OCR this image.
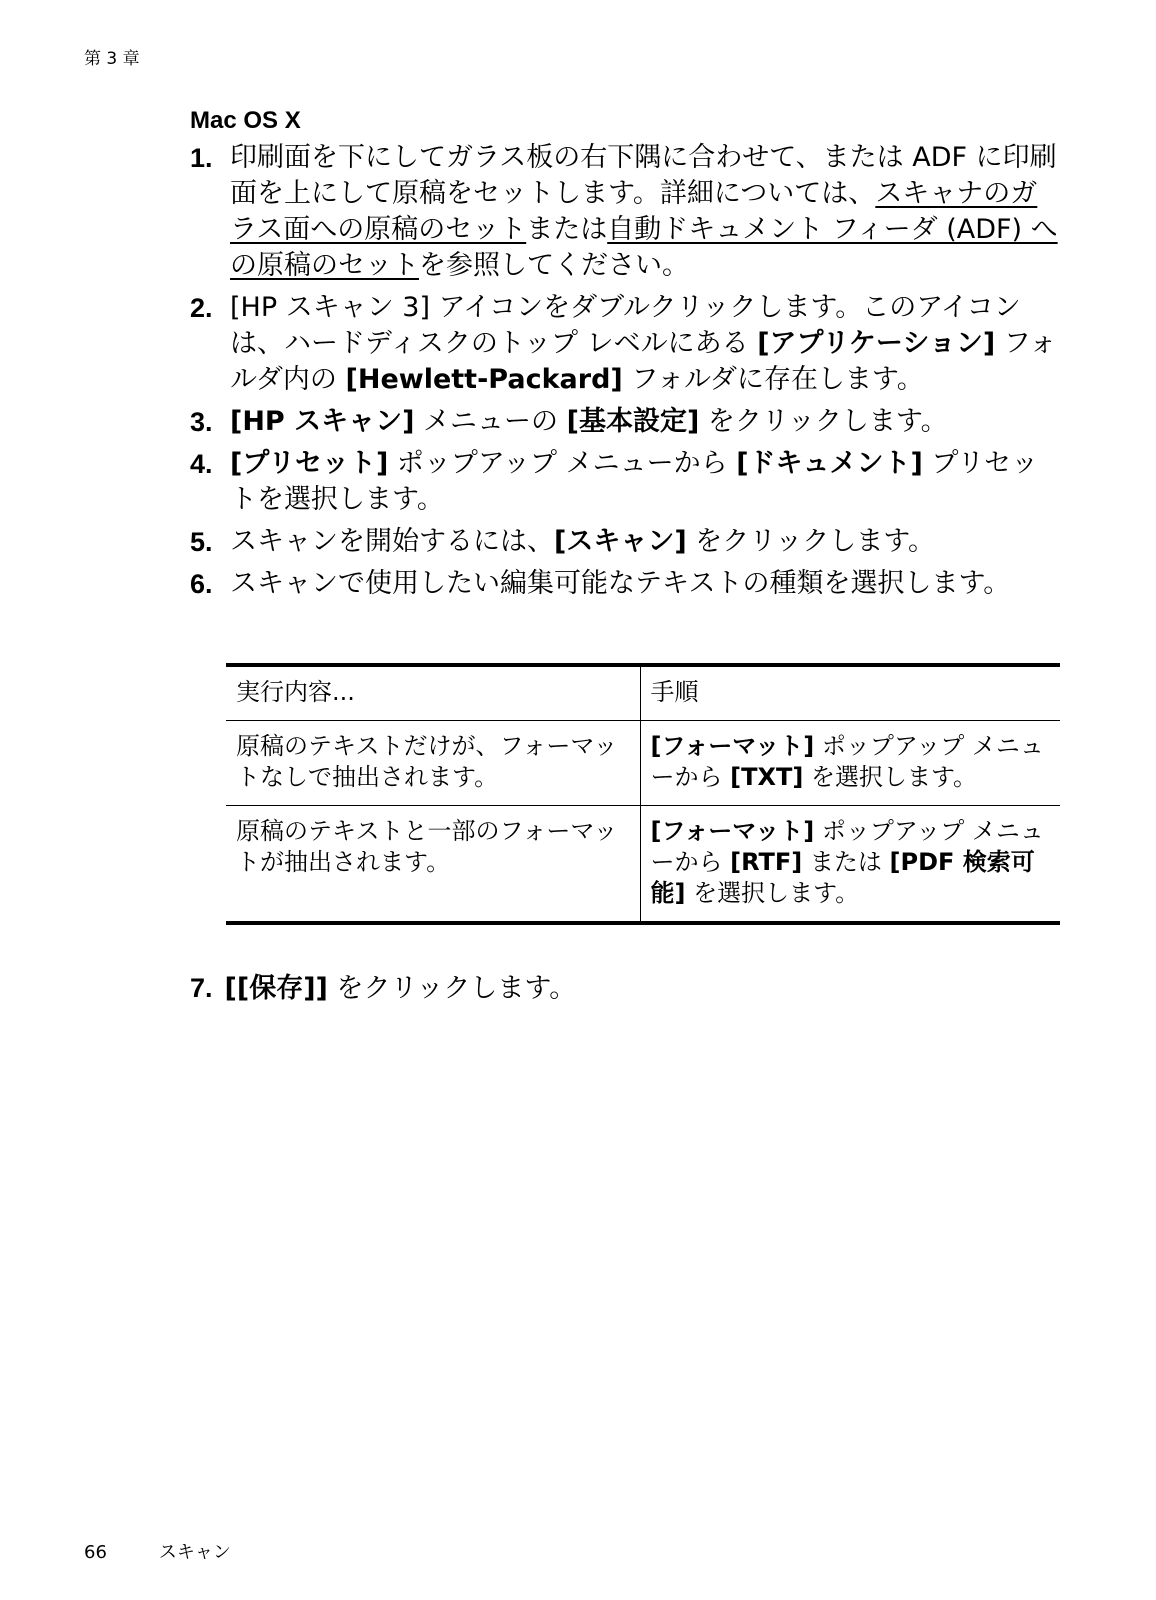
第 3 章
Mac OS X
1. 印刷面を下にしてガラス板の右下隅に合わせて、または ADF に印刷面を上にして原稿をセットします。詳細については、スキャナのガラス面への原稿のセットまたは自動ドキュメント フィーダ (ADF) への原稿のセットを参照してください。
2. [HP スキャン 3] アイコンをダブルクリックします。このアイコンは、ハードディスクのトップ レベルにある [アプリケーション] フォルダ内の [Hewlett-Packard] フォルダに存在します。
3. [HP スキャン] メニューの [基本設定] をクリックします。
4. [プリセット] ポップアップ メニューから [ドキュメント] プリセットを選択します。
5. スキャンを開始するには、[スキャン] をクリックします。
6. スキャンで使用したい編集可能なテキストの種類を選択します。
実行内容...	手順
原稿のテキストだけが、フォーマットなしで抽出されます。	[フォーマット] ポップアップ メニューから [TXT] を選択します。
原稿のテキストと一部のフォーマットが抽出されます。	[フォーマット] ポップアップ メニューから [RTF] または [PDF 検索可能] を選択します。
7. [[保存]] をクリックします。
66	スキャン
